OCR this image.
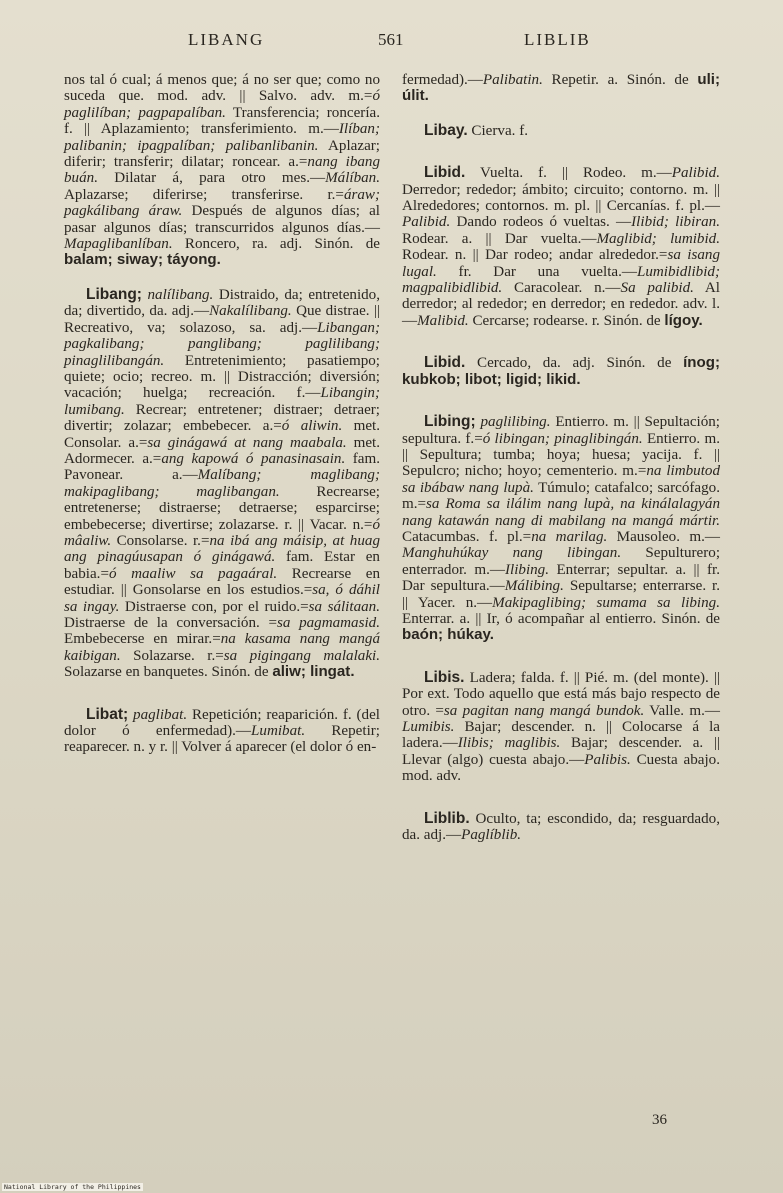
LIBANG	561	LIBLIB

nos tal ó cual; á menos que; á no ser que; como no suceda que. mod. adv. || Salvo. adv. m.=ó paglilíban; pagpapalíban. Transferencia; roncería. f. || Aplazamiento; transferimiento. m.—Ilíban; palibanin; ipagpalíban; palibanlibanin. Aplazar; diferir; transferir; dilatar; roncear. a.=nang ibang buán. Dilatar á, para otro mes.—Málíban. Aplazarse; diferirse; transferirse. r.=áraw; pagkálibang áraw. Después de algunos días; al pasar algunos días; transcurridos algunos días.—Mapaglibanlíban. Roncero, ra. adj. Sinón. de balam; siway; táyong.

Libang; nalílibang. Distraido, da; entretenido, da; divertido, da. adj.—Nakalílibang. Que distrae. || Recreativo, va; solazoso, sa. adj.—Libangan; pagkalibang; panglibang; paglilibang; pinaglilibangán. Entretenimiento; pasatiempo; quiete; ocio; recreo. m. || Distracción; diversión; vacación; huelga; recreación. f.—Libangin; lumibang. Recrear; entretener; distraer; detraer; divertir; zolazar; embebecer. a.=ó aliwin. met. Consolar. a.=sa ginágawá at nang maabala. met. Adormecer. a.=ang kapowá ó panasinasain. fam. Pavonear. a.—Malíbang; maglibang; makipaglibang; maglibangan. Recrearse; entretenerse; distraerse; detraerse; esparcirse; embebecerse; divertirse; zolazarse. r. || Vacar. n.=ó mâaliw. Consolarse. r.=na ibá ang máisip, at huag ang pinagúusapan ó ginágawá. fam. Estar en babia.=ó maaliw sa pagaáral. Recrearse en estudiar. || Gonsolarse en los estudios.=sa, ó dáhil sa ingay. Distraerse con, por el ruido.=sa sálitaan. Distraerse de la conversación. =sa pagmamasid. Embebecerse en mirar.=na kasama nang mangá kaibigan. Solazarse. r.=sa pigingang malalaki. Solazarse en banquetes. Sinón. de aliw; lingat.

Libat; paglibat. Repetición; reaparición. f. (del dolor ó enfermedad).—Lumibat. Repetir; reaparecer. n. y r. || Volver á aparecer (el dolor ó en-

fermedad).—Palibatin. Repetir. a. Sinón. de uli; úlit.

Libay. Cierva. f.

Libid. Vuelta. f. || Rodeo. m.—Palibid. Derredor; rededor; ámbito; circuito; contorno. m. || Alrededores; contornos. m. pl. || Cercanías. f. pl.—Palibid. Dando rodeos ó vueltas. —Ilibid; libiran. Rodear. a. || Dar vuelta.—Maglibid; lumibid. Rodear. n. || Dar rodeo; andar alrededor.=sa isang lugal. fr. Dar una vuelta.—Lumibidlibid; magpalibidlibid. Caracolear. n.—Sa palibid. Al derredor; al rededor; en derredor; en rededor. adv. l.—Malibid. Cercarse; rodearse. r. Sinón. de lígoy.

Libid. Cercado, da. adj. Sinón. de ínog; kubkob; libot; ligid; likid.

Libing; paglilibing. Entierro. m. || Sepultación; sepultura. f.=ó libingan; pinaglibingán. Entierro. m. || Sepultura; tumba; hoya; huesa; yacija. f. || Sepulcro; nicho; hoyo; cementerio. m.=na limbutod sa ibábaw nang lupà. Túmulo; catafalco; sarcófago. m.=sa Roma sa ilálim nang lupà, na kinálalagyán nang katawán nang di mabilang na mangá mártir. Catacumbas. f. pl.=na marilag. Mausoleo. m.—Manghuhúkay nang libingan. Sepulturero; enterrador. m.—Ilibing. Enterrar; sepultar. a. || fr. Dar sepultura.—Málibing. Sepultarse; enterrarse. r. || Yacer. n.—Makipaglibing; sumama sa libing. Enterrar. a. || Ir, ó acompañar al entierro. Sinón. de baón; húkay.

Libis. Ladera; falda. f. || Pié. m. (del monte). || Por ext. Todo aquello que está más bajo respecto de otro. =sa pagitan nang mangá bundok. Valle. m.—Lumibis. Bajar; descender. n. || Colocarse á la ladera.—Ilibis; maglibis. Bajar; descender. a. || Llevar (algo) cuesta abajo.—Palibis. Cuesta abajo. mod. adv.

Liblib. Oculto, ta; escondido, da; resguardado, da. adj.—Paglíblib.

36
National Library of the Philippines
